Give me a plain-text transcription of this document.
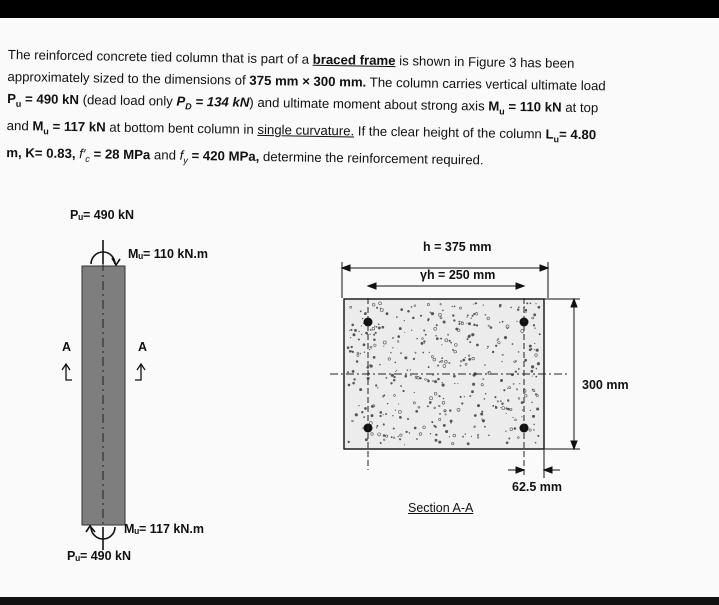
The reinforced concrete tied column that is part of a braced frame is shown in Figure 3 has been
approximately sized to the dimensions of 375 mm × 300 mm. The column carries vertical ultimate load
$P_u = 490$ kN (dead load only $P_D = 134$ kN) and ultimate moment about strong axis $M_u = 110$ kN at top
and $M_u = 117$ kN at bottom bent column in single curvature. If the clear height of the column $L_u= 4.80$
m, K= 0.83, $f'_c = 28$ MPa and $f_y = 420$ MPa, determine the reinforcement required.
Pᵤ= 490 kN
Mᵤ= 110 kN.m
A	A
Mᵤ= 117 kN.m
Pᵤ= 490 kN
h = 375 mm
γh = 250 mm
300 mm
62.5 mm
Section A-A
